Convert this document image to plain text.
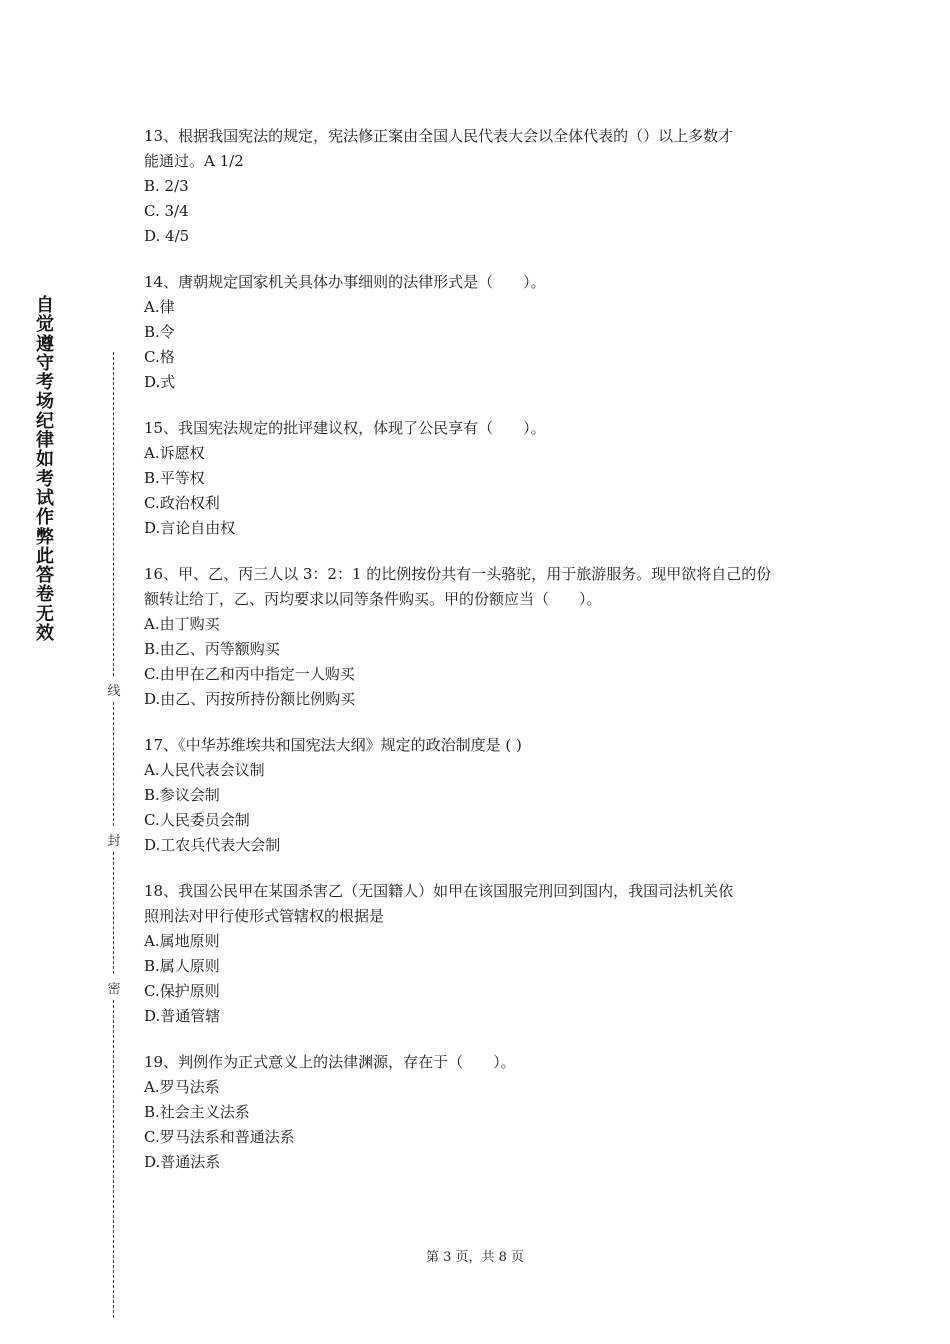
自觉遵守考场纪律如考试作弊此答卷无效
线
封
密

13、根据我国宪法的规定，宪法修正案由全国人民代表大会以全体代表的（）以上多数才

能通过。A 1/2

B. 2/3

C. 3/4

D. 4/5

14、唐朝规定国家机关具体办事细则的法律形式是（　　）。

A.律

B.令

C.格

D.式

15、我国宪法规定的批评建议权，体现了公民享有（　　）。

A.诉愿权

B.平等权

C.政治权利

D.言论自由权

16、甲、乙、丙三人以 3：2：1 的比例按份共有一头骆驼，用于旅游服务。现甲欲将自己的份

额转让给丁，乙、丙均要求以同等条件购买。甲的份额应当（　　）。

A.由丁购买

B.由乙、丙等额购买

C.由甲在乙和丙中指定一人购买

D.由乙、丙按所持份额比例购买

17、《中华苏维埃共和国宪法大纲》规定的政治制度是 ( )

A.人民代表会议制

B.参议会制

C.人民委员会制

D.工农兵代表大会制

18、我国公民甲在某国杀害乙（无国籍人）如甲在该国服完刑回到国内，我国司法机关依

照刑法对甲行使形式管辖权的根据是

A.属地原则

B.属人原则

C.保护原则

D.普通管辖

19、判例作为正式意义上的法律渊源，存在于（　　）。

A.罗马法系

B.社会主义法系

C.罗马法系和普通法系

D.普通法系

第 3 页，共 8 页
